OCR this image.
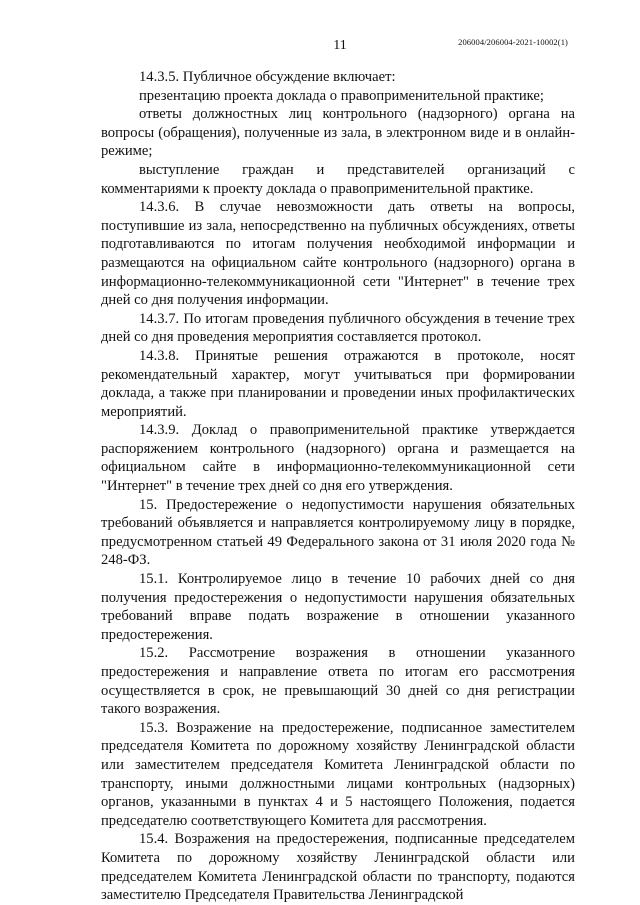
11	206004/206004-2021-10002(1)

14.3.5. Публичное обсуждение включает:

презентацию проекта доклада о правоприменительной практике;

ответы должностных лиц контрольного (надзорного) органа на вопросы (обращения), полученные из зала, в электронном виде и в онлайн-режиме;

выступление граждан и представителей организаций с комментариями к проекту доклада о правоприменительной практике.

14.3.6. В случае невозможности дать ответы на вопросы, поступившие из зала, непосредственно на публичных обсуждениях, ответы подготавливаются по итогам получения необходимой информации и размещаются на официальном сайте контрольного (надзорного) органа в информационно-телекоммуникационной сети "Интернет" в течение трех дней со дня получения информации.

14.3.7. По итогам проведения публичного обсуждения в течение трех дней со дня проведения мероприятия составляется протокол.

14.3.8. Принятые решения отражаются в протоколе, носят рекомендательный характер, могут учитываться при формировании доклада, а также при планировании и проведении иных профилактических мероприятий.

14.3.9. Доклад о правоприменительной практике утверждается распоряжением контрольного (надзорного) органа и размещается на официальном сайте в информационно-телекоммуникационной сети "Интернет" в течение трех дней со дня его утверждения.

15. Предостережение о недопустимости нарушения обязательных требований объявляется и направляется контролируемому лицу в порядке, предусмотренном статьей 49 Федерального закона от 31 июля 2020 года № 248-ФЗ.

15.1. Контролируемое лицо в течение 10 рабочих дней со дня получения предостережения о недопустимости нарушения обязательных требований вправе подать возражение в отношении указанного предостережения.

15.2. Рассмотрение возражения в отношении указанного предостережения и направление ответа по итогам его рассмотрения осуществляется в срок, не превышающий 30 дней со дня регистрации такого возражения.

15.3. Возражение на предостережение, подписанное заместителем председателя Комитета по дорожному хозяйству Ленинградской области или заместителем председателя Комитета Ленинградской области по транспорту, иными должностными лицами контрольных (надзорных) органов, указанными в пунктах 4 и 5 настоящего Положения, подается председателю соответствующего Комитета для рассмотрения.

15.4. Возражения на предостережения, подписанные председателем Комитета по дорожному хозяйству Ленинградской области или председателем Комитета Ленинградской области по транспорту, подаются заместителю Председателя Правительства Ленинградской
